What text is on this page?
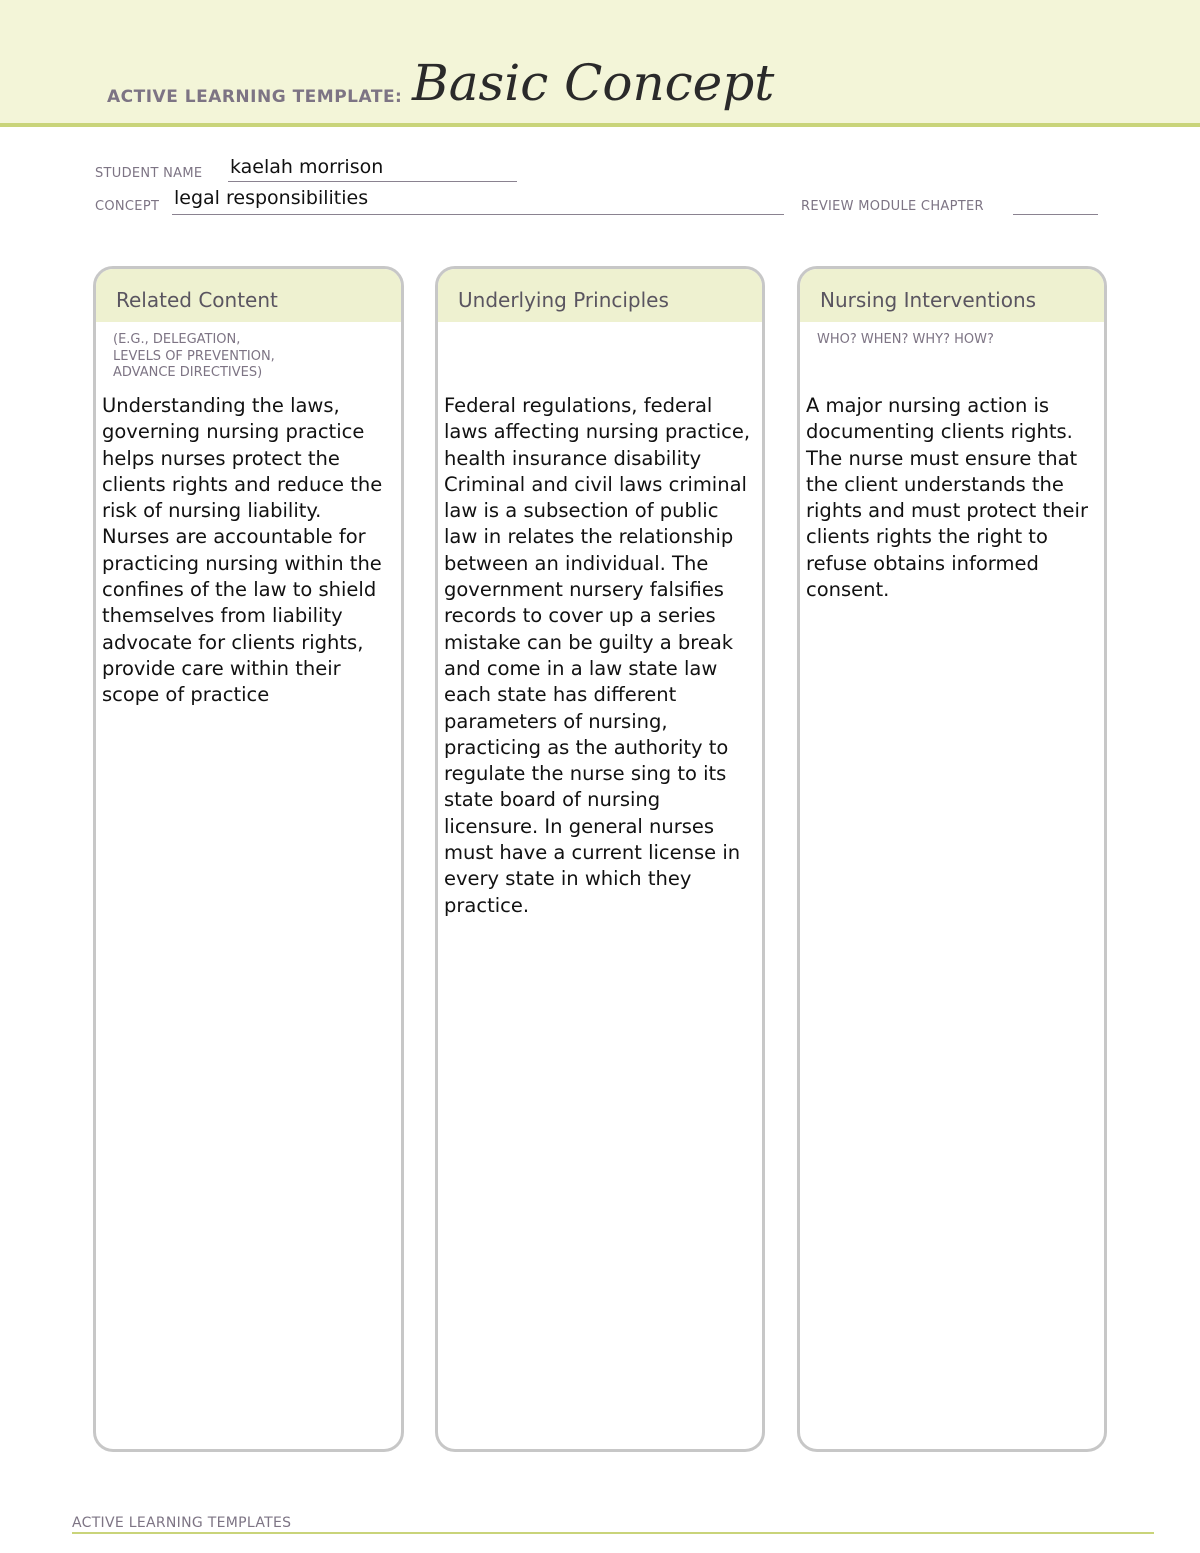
ACTIVE LEARNING TEMPLATE: Basic Concept
STUDENT NAME kaelah morrison
CONCEPT legal responsibilities	REVIEW MODULE CHAPTER
Related Content
(E.G., DELEGATION,
LEVELS OF PREVENTION,
ADVANCE DIRECTIVES)

Understanding the laws, governing nursing practice helps nurses protect the clients rights and reduce the risk of nursing liability. Nurses are accountable for practicing nursing within the confines of the law to shield themselves from liability advocate for clients rights, provide care within their scope of practice

Underlying Principles

Federal regulations, federal laws affecting nursing practice, health insurance disability

Criminal and civil laws criminal law is a subsection of public law in relates the relationship between an individual. The government nursery falsifies records to cover up a series mistake can be guilty a break and come in a law state law each state has different parameters of nursing, practicing as the authority to regulate the nurse sing to its state board of nursing licensure. In general nurses must have a current license in every state in which they practice.

Nursing Interventions
WHO? WHEN? WHY? HOW?

A major nursing action is documenting clients rights. The nurse must ensure that the client understands the rights and must protect their clients rights the right to refuse obtains informed consent.

ACTIVE LEARNING TEMPLATES
